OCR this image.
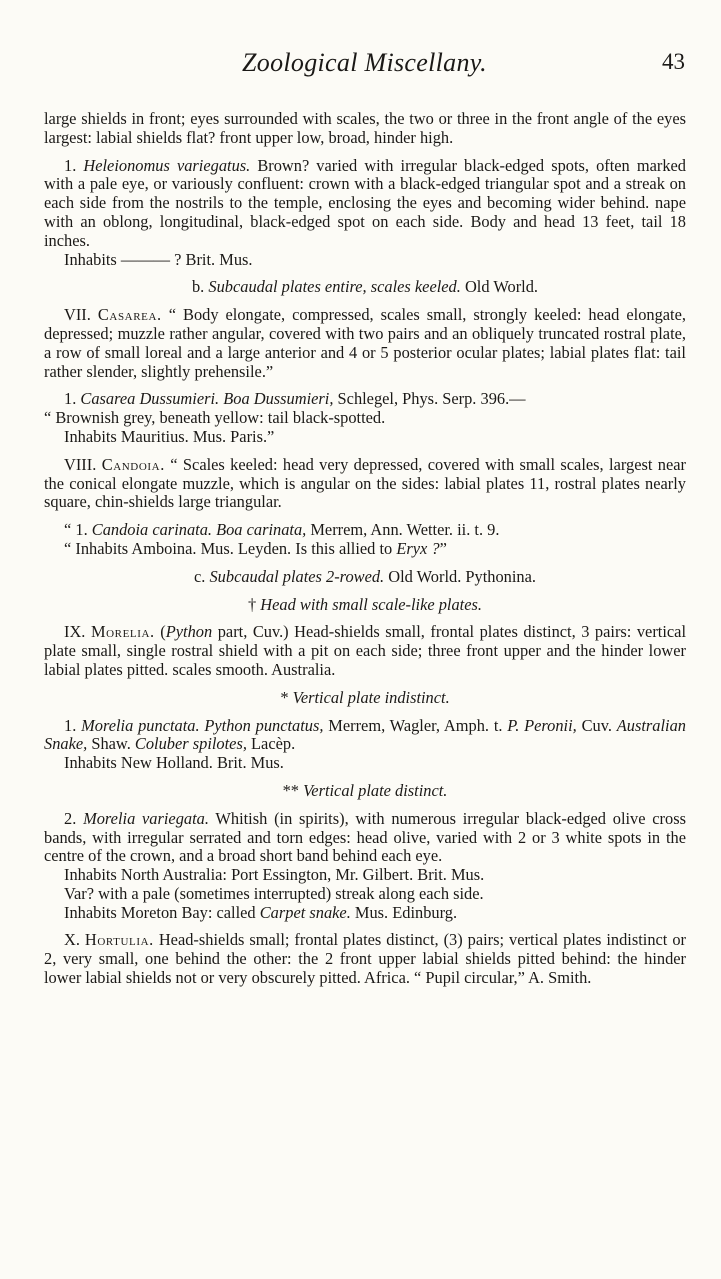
Zoological Miscellany.	43

large shields in front; eyes surrounded with scales, the two or three in the front angle of the eyes largest: labial shields flat? front upper low, broad, hinder high.

1. Heleionomus variegatus. Brown? varied with irregular black-edged spots, often marked with a pale eye, or variously confluent: crown with a black-edged triangular spot and a streak on each side from the nostrils to the temple, enclosing the eyes and becoming wider behind. nape with an oblong, longitudinal, black-edged spot on each side. Body and head 13 feet, tail 18 inches.

Inhabits ——— ? Brit. Mus.

b. Subcaudal plates entire, scales keeled. Old World.

VII. Casarea. “ Body elongate, compressed, scales small, strongly keeled: head elongate, depressed; muzzle rather angular, covered with two pairs and an obliquely truncated rostral plate, a row of small loreal and a large anterior and 4 or 5 posterior ocular plates; labial plates flat: tail rather slender, slightly prehensile.”

1. Casarea Dussumieri. Boa Dussumieri, Schlegel, Phys. Serp. 396.—

“ Brownish grey, beneath yellow: tail black-spotted.

Inhabits Mauritius. Mus. Paris.”

VIII. Candoia. “ Scales keeled: head very depressed, covered with small scales, largest near the conical elongate muzzle, which is angular on the sides: labial plates 11, rostral plates nearly square, chin-shields large triangular.

“ 1. Candoia carinata. Boa carinata, Merrem, Ann. Wetter. ii. t. 9.

“ Inhabits Amboina. Mus. Leyden. Is this allied to Eryx ?”

c. Subcaudal plates 2-rowed. Old World. Pythonina.

† Head with small scale-like plates.

IX. Morelia. (Python part, Cuv.) Head-shields small, frontal plates distinct, 3 pairs: vertical plate small, single rostral shield with a pit on each side; three front upper and the hinder lower labial plates pitted. scales smooth. Australia.

* Vertical plate indistinct.

1. Morelia punctata. Python punctatus, Merrem, Wagler, Amph. t. P. Peronii, Cuv. Australian Snake, Shaw. Coluber spilotes, Lacèp.

Inhabits New Holland. Brit. Mus.

** Vertical plate distinct.

2. Morelia variegata. Whitish (in spirits), with numerous irregular black-edged olive cross bands, with irregular serrated and torn edges: head olive, varied with 2 or 3 white spots in the centre of the crown, and a broad short band behind each eye.

Inhabits North Australia: Port Essington, Mr. Gilbert. Brit. Mus.

Var? with a pale (sometimes interrupted) streak along each side.

Inhabits Moreton Bay: called Carpet snake. Mus. Edinburg.

X. Hortulia. Head-shields small; frontal plates distinct, (3) pairs; vertical plates indistinct or 2, very small, one behind the other: the 2 front upper labial shields pitted behind: the hinder lower labial shields not or very obscurely pitted. Africa. “ Pupil circular,” A. Smith.
